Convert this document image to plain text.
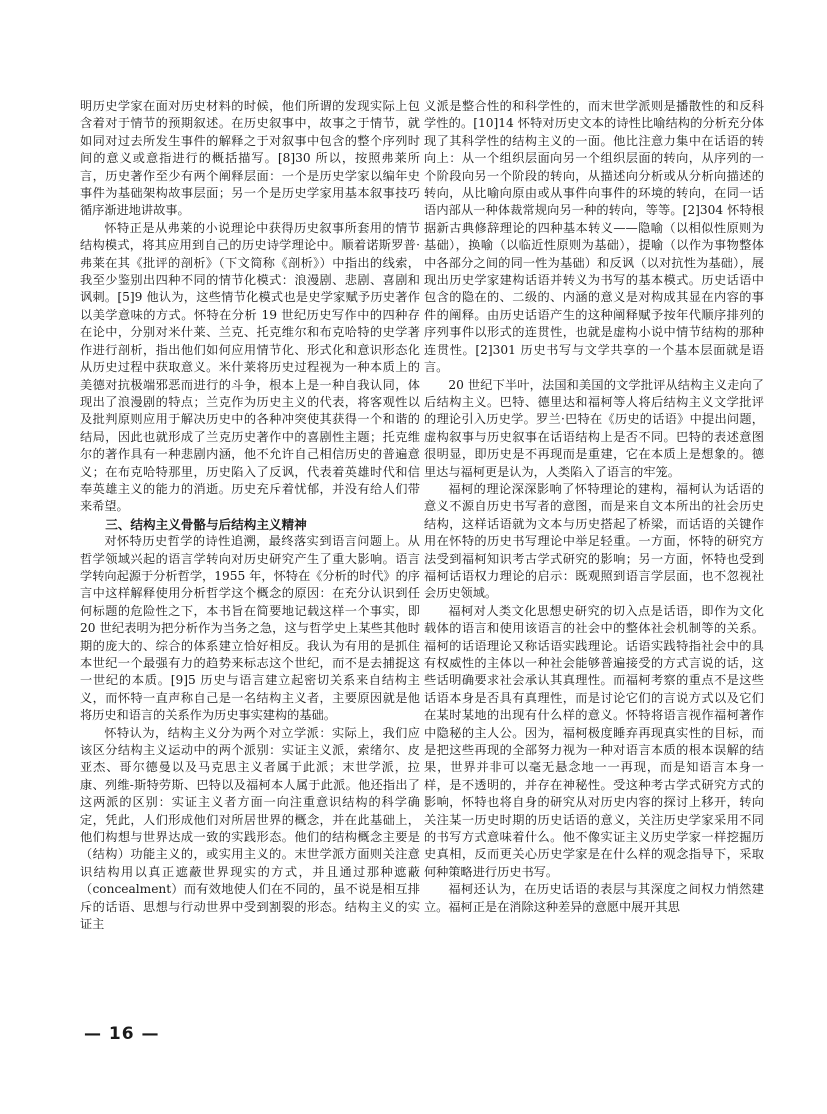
明历史学家在面对历史材料的时候，他们所谓的发现实际上包含着对于情节的预期叙述。在历史叙事中，故事之于情节，就如同对过去所发生事件的解释之于对叙事中包含的整个序列时间的意义或意指进行的概括描写。[8]30 所以，按照弗莱所言，历史著作至少有两个阐释层面：一个是历史学家以编年史事件为基础架构故事层面；另一个是历史学家用基本叙事技巧循序渐进地讲故事。

怀特正是从弗莱的小说理论中获得历史叙事所套用的情节结构模式，将其应用到自己的历史诗学理论中。顺着诺斯罗普·弗莱在其《批评的剖析》（下文简称《剖析》）中指出的线索，我至少鉴别出四种不同的情节化模式：浪漫剧、悲剧、喜剧和讽刺。[5]9 他认为，这些情节化模式也是史学家赋予历史著作以美学意味的方式。怀特在分析 19 世纪历史写作中的四种存在论中，分别对米什莱、兰克、托克维尔和布克哈特的史学著作进行剖析，指出他们如何应用情节化、形式化和意识形态化从历史过程中获取意义。米什莱将历史过程视为一种本质上的美德对抗极端邪恶而进行的斗争，根本上是一种自我认同，体现出了浪漫剧的特点；兰克作为历史主义的代表，将客观性以及批判原则应用于解决历史中的各种冲突使其获得一个和谐的结局，因此也就形成了兰克历史著作中的喜剧性主题；托克维尔的著作具有一种悲剧内涵，他不允许自己相信历史的普遍意义；在布克哈特那里，历史陷入了反讽，代表着英雄时代和信奉英雄主义的能力的消逝。历史充斥着忧郁，并没有给人们带来希望。

三、结构主义骨骼与后结构主义精神

对怀特历史哲学的诗性追溯，最终落实到语言问题上。从哲学领域兴起的语言学转向对历史研究产生了重大影响。语言学转向起源于分析哲学，1955 年，怀特在《分析的时代》的序言中这样解释使用分析哲学这个概念的原因：在充分认识到任何标题的危险性之下，本书旨在简要地记载这样一个事实，即 20 世纪表明为把分析作为当务之急，这与哲学史上某些其他时期的庞大的、综合的体系建立恰好相反。我认为有用的是抓住本世纪一个最强有力的趋势来标志这个世纪，而不是去捕捉这一世纪的本质。[9]5 历史与语言建立起密切关系来自结构主义，而怀特一直声称自己是一名结构主义者，主要原因就是他将历史和语言的关系作为历史事实建构的基础。

怀特认为，结构主义分为两个对立学派：实际上，我们应该区分结构主义运动中的两个派别：实证主义派，索绪尔、皮亚杰、哥尔德曼以及马克思主义者属于此派；末世学派，拉康、列维-斯特劳斯、巴特以及福柯本人属于此派。他还指出了这两派的区别：实证主义者方面一向注重意识结构的科学确定，凭此，人们形成他们对所居世界的概念，并在此基础上，他们构想与世界达成一致的实践形态。他们的结构概念主要是（结构）功能主义的，或实用主义的。末世学派方面则关注意识结构用以真正遮蔽世界现实的方式，并且通过那种遮蔽（concealment）而有效地使人们在不同的，虽不说是相互排斥的话语、思想与行动世界中受到割裂的形态。结构主义的实证主

义派是整合性的和科学性的，而末世学派则是播散性的和反科学性的。[10]14 怀特对历史文本的诗性比喻结构的分析充分体现了其科学性的结构主义的一面。他比注意力集中在话语的转向上：从一个组织层面向另一个组织层面的转向，从序列的一个阶段向另一个阶段的转向，从描述向分析或从分析向描述的转向，从比喻向原由或从事件向事件的环境的转向，在同一话语内部从一种体裁常规向另一种的转向，等等。[2]304 怀特根据新古典修辞理论的四种基本转义——隐喻（以相似性原则为基础），换喻（以临近性原则为基础），提喻（以作为事物整体中各部分之间的同一性为基础）和反讽（以对抗性为基础），展现出历史学家建构话语并转义为书写的基本模式。历史话语中包含的隐在的、二级的、内涵的意义是对构成其显在内容的事件的阐释。由历史话语产生的这种阐释赋予按年代顺序排列的序列事件以形式的连贯性，也就是虚构小说中情节结构的那种连贯性。[2]301 历史书写与文学共享的一个基本层面就是语言。

20 世纪下半叶，法国和美国的文学批评从结构主义走向了后结构主义。巴特、德里达和福柯等人将后结构主义文学批评的理论引入历史学。罗兰·巴特在《历史的话语》中提出问题，虚构叙事与历史叙事在话语结构上是否不同。巴特的表述意图很明显，即历史是不再现而是重建，它在本质上是想象的。德里达与福柯更是认为，人类陷入了语言的牢笼。

福柯的理论深深影响了怀特理论的建构，福柯认为话语的意义不源自历史书写者的意图，而是来自文本所出的社会历史结构，这样话语就为文本与历史搭起了桥梁，而话语的关键作用在怀特的历史书写理论中举足轻重。一方面，怀特的研究方法受到福柯知识考古学式研究的影响；另一方面，怀特也受到福柯话语权力理论的启示：既观照到语言学层面，也不忽视社会历史领域。

福柯对人类文化思想史研究的切入点是话语，即作为文化载体的语言和使用该语言的社会中的整体社会机制等的关系。福柯的话语理论又称话语实践理论。话语实践特指社会中的具有权威性的主体以一种社会能够普遍接受的方式言说的话，这些话明确要求社会承认其真理性。而福柯考察的重点不是这些话语本身是否具有真理性，而是讨论它们的言说方式以及它们在某时某地的出现有什么样的意义。怀特将语言视作福柯著作中隐秘的主人公。因为，福柯极度睡弃再现真实性的目标，而是把这些再现的全部努力视为一种对语言本质的根本误解的结果，世界并非可以毫无悬念地一一再现，而是知语言本身一样，是不透明的，并存在神秘性。受这种考古学式研究方式的影响，怀特也将自身的研究从对历史内容的探讨上移开，转向关注某一历史时期的历史话语的意义，关注历史学家采用不同的书写方式意味着什么。他不像实证主义历史学家一样挖掘历史真相，反而更关心历史学家是在什么样的观念指导下，采取何种策略进行历史书写。

福柯还认为，在历史话语的表层与其深度之间权力悄然建立。福柯正是在消除这种差异的意愿中展开其思

— 16 —
